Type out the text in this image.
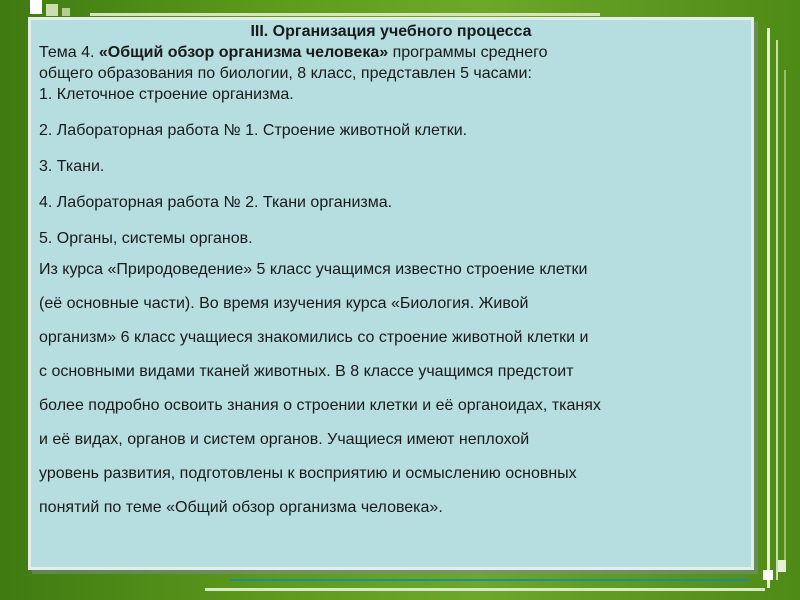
III. Организация учебного процесса

Тема 4. «Общий обзор организма человека» программы среднего
общего образования по биологии, 8 класс, представлен 5 часами:

1. Клеточное строение организма.

2. Лабораторная работа № 1. Строение животной клетки.

3. Ткани.

4. Лабораторная работа № 2. Ткани организма.

5. Органы, системы органов.

Из курса «Природоведение» 5 класс учащимся известно строение клетки
(её основные части). Во время изучения курса «Биология. Живой
организм» 6 класс учащиеся знакомились со строение животной клетки и
с основными видами тканей животных. В 8 классе учащимся предстоит
более подробно освоить знания о строении клетки и её органоидах, тканях
и её видах, органов и систем органов. Учащиеся имеют неплохой
уровень развития, подготовлены к восприятию и осмыслению основных
понятий по теме «Общий обзор организма человека».
